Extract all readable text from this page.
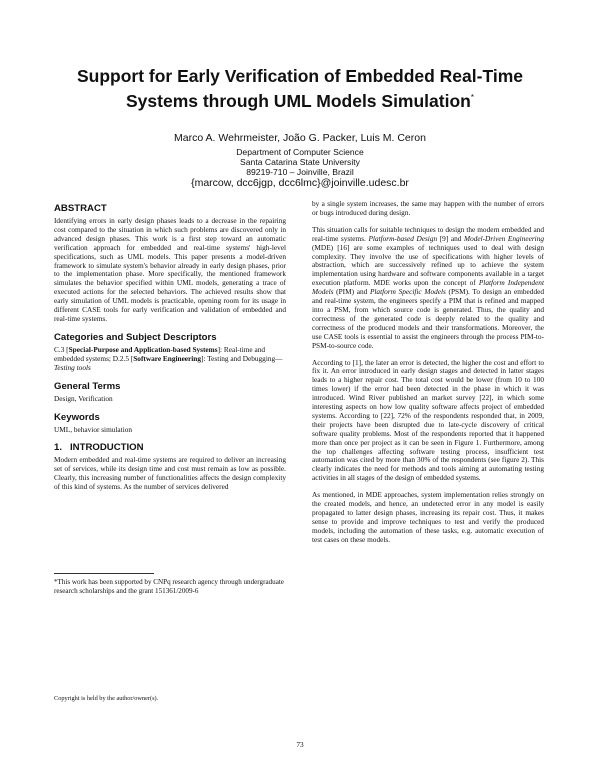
Support for Early Verification of Embedded Real-Time
Systems through UML Models Simulation*
Marco A. Wehrmeister, João G. Packer, Luis M. Ceron
Department of Computer Science
Santa Catarina State University
89219-710 – Joinville, Brazil
{marcow, dcc6jgp, dcc6lmc}@joinville.udesc.br
ABSTRACT

Identifying errors in early design phases leads to a decrease in the repairing cost compared to the situation in which such problems are discovered only in advanced design phases. This work is a first step toward an automatic verification approach for embedded and real-time systems' high-level specifications, such as UML models. This paper presents a model-driven framework to simulate system's behavior already in early design phases, prior to the implementation phase. More specifically, the mentioned framework simulates the behavior specified within UML models, generating a trace of executed actions for the selected behaviors. The achieved results show that early simulation of UML models is practicable, opening room for its usage in different CASE tools for early verification and validation of embedded and real-time systems.

Categories and Subject Descriptors

C.3 [Special-Purpose and Application-based Systems]: Real-time and embedded systems; D.2.5 [Software Engineering]: Testing and Debugging—Testing tools

General Terms

Design, Verification

Keywords

UML, behavior simulation

1.   INTRODUCTION

Modern embedded and real-time systems are required to deliver an increasing set of services, while its design time and cost must remain as low as possible. Clearly, this increasing number of functionalities affects the design complexity of this kind of systems. As the number of services delivered

*This work has been supported by CNPq research agency through undergraduate research scholarships and the grant 151361/2009-6
Copyright is held by the author/owner(s).

by a single system increases, the same may happen with the number of errors or bugs introduced during design.

This situation calls for suitable techniques to design the modern embedded and real-time systems. Platform-based Design [9] and Model-Driven Engineering (MDE) [16] are some examples of techniques used to deal with design complexity. They involve the use of specifications with higher levels of abstraction, which are successively refined up to achieve the system implementation using hardware and software components available in a target execution platform. MDE works upon the concept of Platform Independent Models (PIM) and Platform Specific Models (PSM). To design an embedded and real-time system, the engineers specify a PIM that is refined and mapped into a PSM, from which source code is generated. Thus, the quality and correctness of the generated code is deeply related to the quality and correctness of the produced models and their transformations. Moreover, the use CASE tools is essential to assist the engineers through the process PIM-to-PSM-to-source code.

According to [1], the later an error is detected, the higher the cost and effort to fix it. An error introduced in early design stages and detected in latter stages leads to a higher repair cost. The total cost would be lower (from 10 to 100 times lower) if the error had been detected in the phase in which it was introduced. Wind River published an market survey [22], in which some interesting aspects on how low quality software affects project of embedded systems. According to [22], 72% of the respondents responded that, in 2009, their projects have been disrupted due to late-cycle discovery of critical software quality problems. Most of the respondents reported that it happened more than once per project as it can be seen in Figure 1. Furthermore, among the top challenges affecting software testing process, insufficient test automation was cited by more than 30% of the respondents (see figure 2). This clearly indicates the need for methods and tools aiming at automating testing activities in all stages of the design of embedded systems.

As mentioned, in MDE approaches, system implementation relies strongly on the created models, and hence, an undetected error in any model is easily propagated to latter design phases, increasing its repair cost. Thus, it makes sense to provide and improve techniques to test and verify the produced models, including the automation of these tasks, e.g. automatic execution of test cases on these models.

73
